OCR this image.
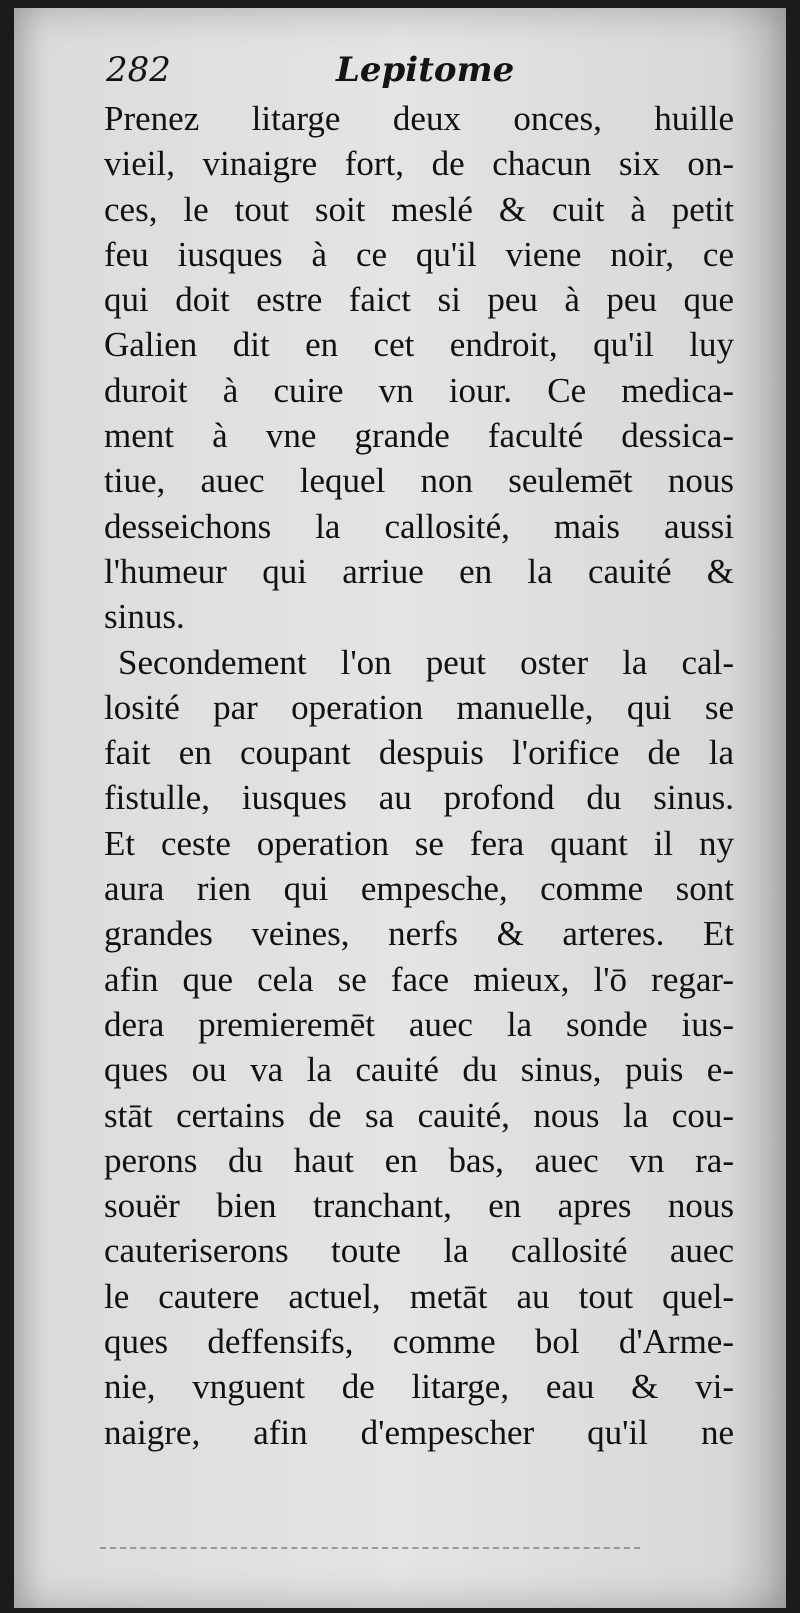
282	Lepitome
Prenez litarge deux onces, huille
vieil, vinaigre fort, de chacun six on-
ces, le tout soit meslé & cuit à petit
feu iusques à ce qu'il viene noir, ce
qui doit estre faict si peu à peu que
Galien dit en cet endroit, qu'il luy
duroit à cuire vn iour. Ce medica-
ment à vne grande faculté dessica-
tiue, auec lequel non seulemēt nous
desseichons la callosité, mais aussi
l'humeur qui arriue en la cauité &
sinus.
Secondement l'on peut oster la cal-
losité par operation manuelle, qui se
fait en coupant despuis l'orifice de la
fistulle, iusques au profond du sinus.
Et ceste operation se fera quant il ny
aura rien qui empesche, comme sont
grandes veines, nerfs & arteres. Et
afin que cela se face mieux, l'ō regar-
dera premieremēt auec la sonde ius-
ques ou va la cauité du sinus, puis e-
stāt certains de sa cauité, nous la cou-
perons du haut en bas, auec vn ra-
souër bien tranchant, en apres nous
cauteriserons toute la callosité auec
le cautere actuel, metāt au tout quel-
ques deffensifs, comme bol d'Arme-
nie, vnguent de litarge, eau & vi-
naigre, afin d'empescher qu'il ne
